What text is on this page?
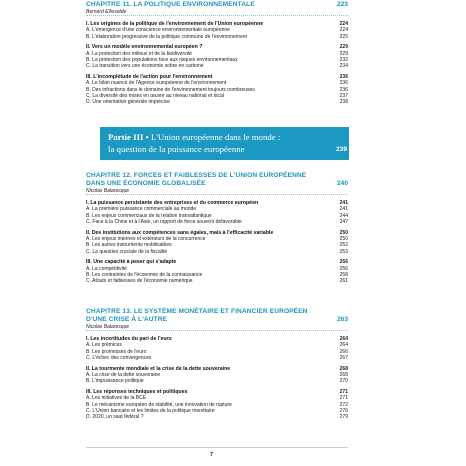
Partie III • L'Union européenne dans le monde :
la question de la puissance européenne	239
7
CHAPITRE 11. LA POLITIQUE ENVIRONNEMENTALE	223
Bernard Ellissalde
I. Les origines de la politique de l'environnement de l'Union européenne	224
A. L'émergence d'une conscience environnementale européenne	224
B. L'élaboration progressive de la politique commune de l'environnement	225
II. Vers un modèle environnemental européen ?	229
A. La protection des milieux et de la biodiversité	229
B. La protection des populations face aux risques environnementaux	232
C. La transition vers une économie sobre en carbone	234
III. L'incomplétude de l'action pour l'environnement	236
A. Le bilan nuancé de l'Agence européenne de l'environnement	236
B. Des infractions dans le domaine de l'environnement toujours nombreuses	236
C. La diversité des mises en œuvre au niveau national et local	237
D. Une orientation générale imprécise	238
CHAPITRE 12. FORCES ET FAIBLESSES DE L'UNION EUROPÉENNE
DANS UNE ÉCONOMIE GLOBALISÉE	240
Nicolas Balaresque
I. La puissance persistante des entreprises et du commerce européen	241
A. La première puissance commerciale au monde	241
B. Les enjeux commerciaux de la relation transatlantique	244
C. Face à la Chine et à l'Asie, un rapport de force souvent défavorable	247
II. Des institutions aux compétences sans égales, mais à l'efficacité variable	250
A. Les enjeux internes et extérieurs de la concurrence	250
B. Les autres instruments mobilisables	252
C. La question cruciale de la fiscalité	253
III. Une capacité à peser qui s'adapte	256
A. La compétitivité	256
B. Les contraintes de l'économie de la connaissance	258
C. Atouts et faiblesses de l'économie numérique	261
CHAPITRE 13. LE SYSTÈME MONÉTAIRE ET FINANCIER EUROPÉEN
D'UNE CRISE À L'AUTRE	263
Nicolas Balaresque
I. Les incertitudes du pari de l'euro	264
A. Les prémices	264
B. Les promesses de l'euro	266
C. L'échec des convergences	267
II. La tourmente mondiale et la crise de la dette souveraine	268
A. La crise de la dette souveraine	268
B. L'impuissance politique	270
III. Les réponses techniques et politiques	271
A. Les initiatives de la BCE	271
B. Le mécanisme européen de stabilité, une innovation de rupture	272
C. L'Union bancaire et les limites de la politique monétaire	276
D. 2020, un saut fédéral ?	279
